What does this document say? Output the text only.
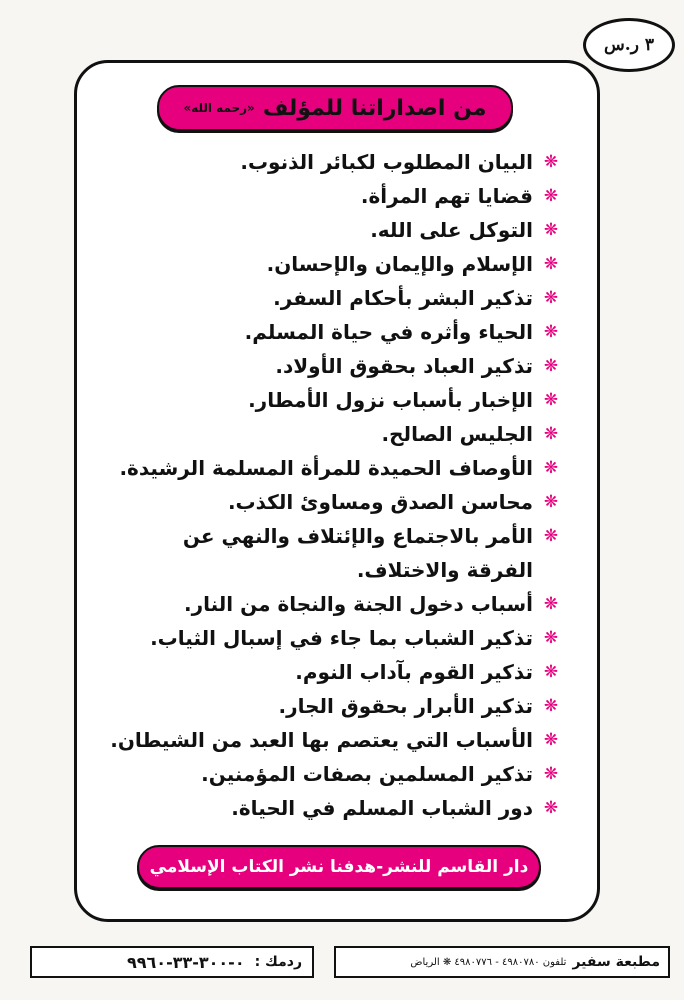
٣ ر.س
من اصداراتنا للمؤلف
«رحمه الله»
❋
البيان المطلوب لكبائر الذنوب.
❋
قضايا تهم المرأة.
❋
التوكل على الله.
❋
الإسلام والإيمان والإحسان.
❋
تذكير البشر بأحكام السفر.
❋
الحياء وأثره في حياة المسلم.
❋
تذكير العباد بحقوق الأولاد.
❋
الإخبار بأسباب نزول الأمطار.
❋
الجليس الصالح.
❋
الأوصاف الحميدة للمرأة المسلمة الرشيدة.
❋
محاسن الصدق ومساوئ الكذب.
❋
الأمر بالاجتماع والإئتلاف والنهي عن الفرقة والاختلاف.
❋
أسباب دخول الجنة والنجاة من النار.
❋
تذكير الشباب بما جاء في إسبال الثياب.
❋
تذكير القوم بآداب النوم.
❋
تذكير الأبرار بحقوق الجار.
❋
الأسباب التي يعتصم بها العبد من الشيطان.
❋
تذكير المسلمين بصفات المؤمنين.
❋
دور الشباب المسلم في الحياة.
دار القاسم للنشر-هدفنا نشر الكتاب الإسلامي
ردمك :
٠-٣٠٠-٣٣-٩٩٦٠	مطبعة سفير
تلفون ٤٩٨٠٧٨٠ - ٤٩٨٠٧٧٦ ❋ الرياض
